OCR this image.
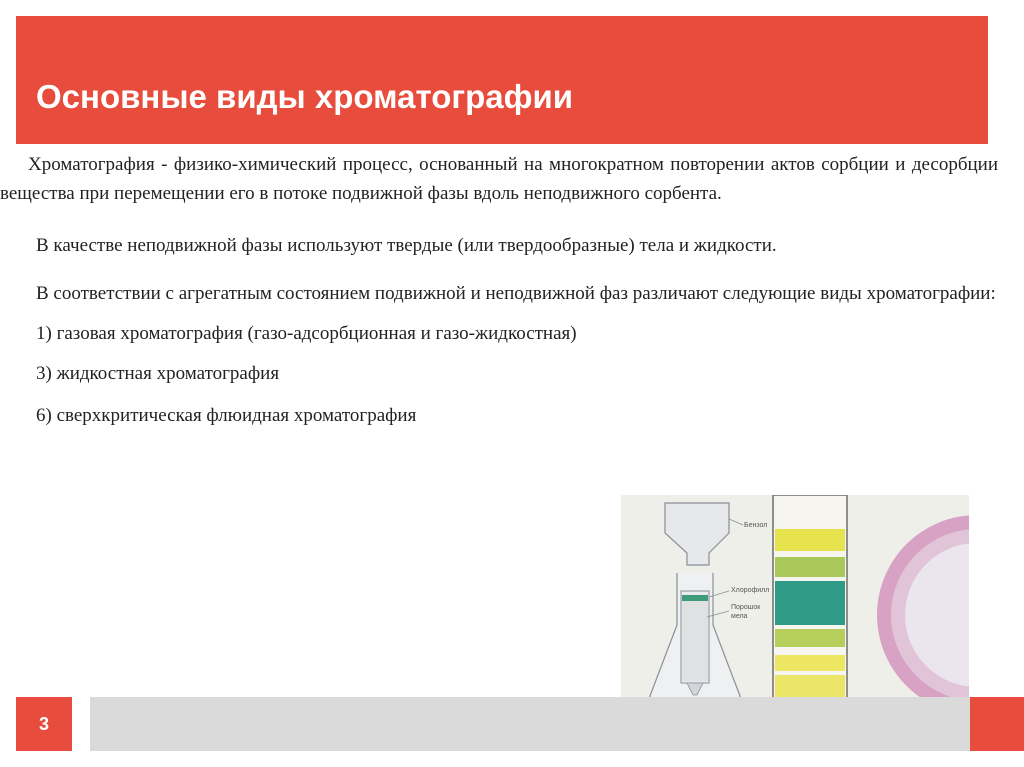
Основные виды хроматографии

Хроматография - физико-химический процесс, основанный на многократном повторении актов сорбции и десорбции вещества при перемещении его в потоке подвижной фазы вдоль неподвижного сорбента.

В качестве неподвижной фазы используют твердые (или твердообразные) тела и жидкости.

В соответствии с агрегатным состоянием подвижной и неподвижной фаз различают следующие виды хроматографии:

1) газовая хроматография (газо-адсорбционная и газо-жидкостная)

3) жидкостная хроматография

6) сверхкритическая флюидная хроматография

Бензол
Хлорофилл
Порошок
мела
3
